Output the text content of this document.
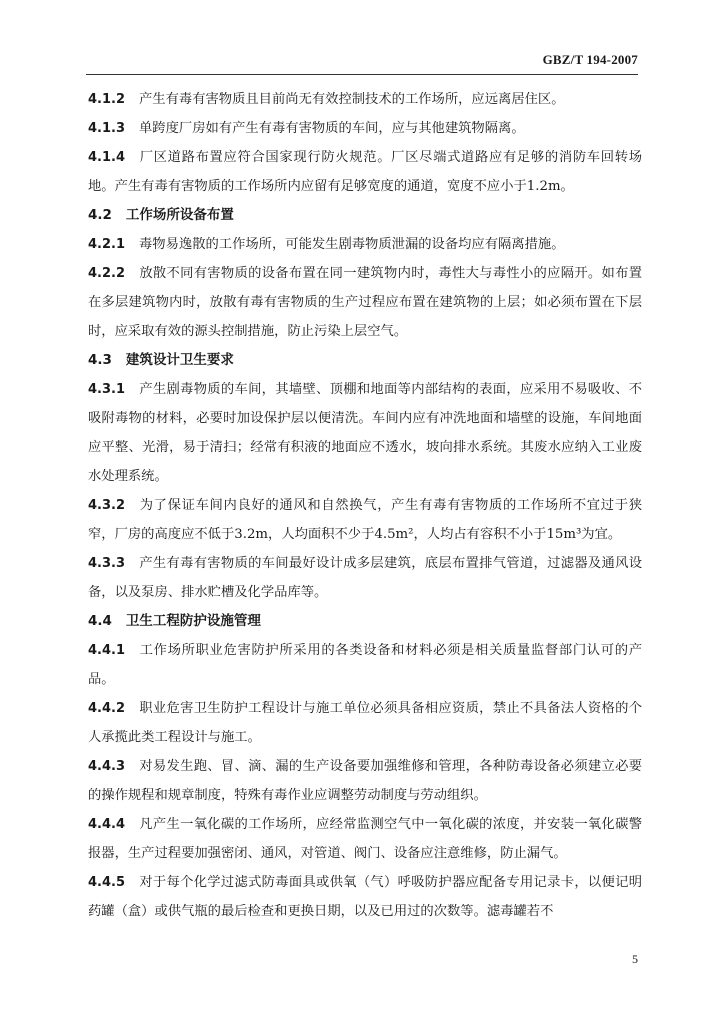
GBZ/T 194-2007

4.1.2 产生有毒有害物质且目前尚无有效控制技术的工作场所，应远离居住区。

4.1.3 单跨度厂房如有产生有毒有害物质的车间，应与其他建筑物隔离。

4.1.4 厂区道路布置应符合国家现行防火规范。厂区尽端式道路应有足够的消防车回转场地。产生有毒有害物质的工作场所内应留有足够宽度的通道，宽度不应小于1.2m。

4.2 工作场所设备布置

4.2.1 毒物易逸散的工作场所，可能发生剧毒物质泄漏的设备均应有隔离措施。

4.2.2 放散不同有害物质的设备布置在同一建筑物内时，毒性大与毒性小的应隔开。如布置在多层建筑物内时，放散有毒有害物质的生产过程应布置在建筑物的上层；如必须布置在下层时，应采取有效的源头控制措施，防止污染上层空气。

4.3 建筑设计卫生要求

4.3.1 产生剧毒物质的车间，其墙壁、顶棚和地面等内部结构的表面，应采用不易吸收、不吸附毒物的材料，必要时加设保护层以便清洗。车间内应有冲洗地面和墙壁的设施，车间地面应平整、光滑，易于清扫；经常有积液的地面应不透水，坡向排水系统。其废水应纳入工业废水处理系统。

4.3.2 为了保证车间内良好的通风和自然换气，产生有毒有害物质的工作场所不宜过于狭窄，厂房的高度应不低于3.2m，人均面积不少于4.5m²，人均占有容积不小于15m³为宜。

4.3.3 产生有毒有害物质的车间最好设计成多层建筑，底层布置排气管道，过滤器及通风设备，以及泵房、排水贮槽及化学品库等。

4.4 卫生工程防护设施管理

4.4.1 工作场所职业危害防护所采用的各类设备和材料必须是相关质量监督部门认可的产品。

4.4.2 职业危害卫生防护工程设计与施工单位必须具备相应资质，禁止不具备法人资格的个人承揽此类工程设计与施工。

4.4.3 对易发生跑、冒、滴、漏的生产设备要加强维修和管理，各种防毒设备必须建立必要的操作规程和规章制度，特殊有毒作业应调整劳动制度与劳动组织。

4.4.4 凡产生一氧化碳的工作场所，应经常监测空气中一氧化碳的浓度，并安装一氧化碳警报器，生产过程要加强密闭、通风，对管道、阀门、设备应注意维修，防止漏气。

4.4.5 对于每个化学过滤式防毒面具或供氧（气）呼吸防护器应配备专用记录卡，以便记明药罐（盒）或供气瓶的最后检查和更换日期，以及已用过的次数等。滤毒罐若不

5
